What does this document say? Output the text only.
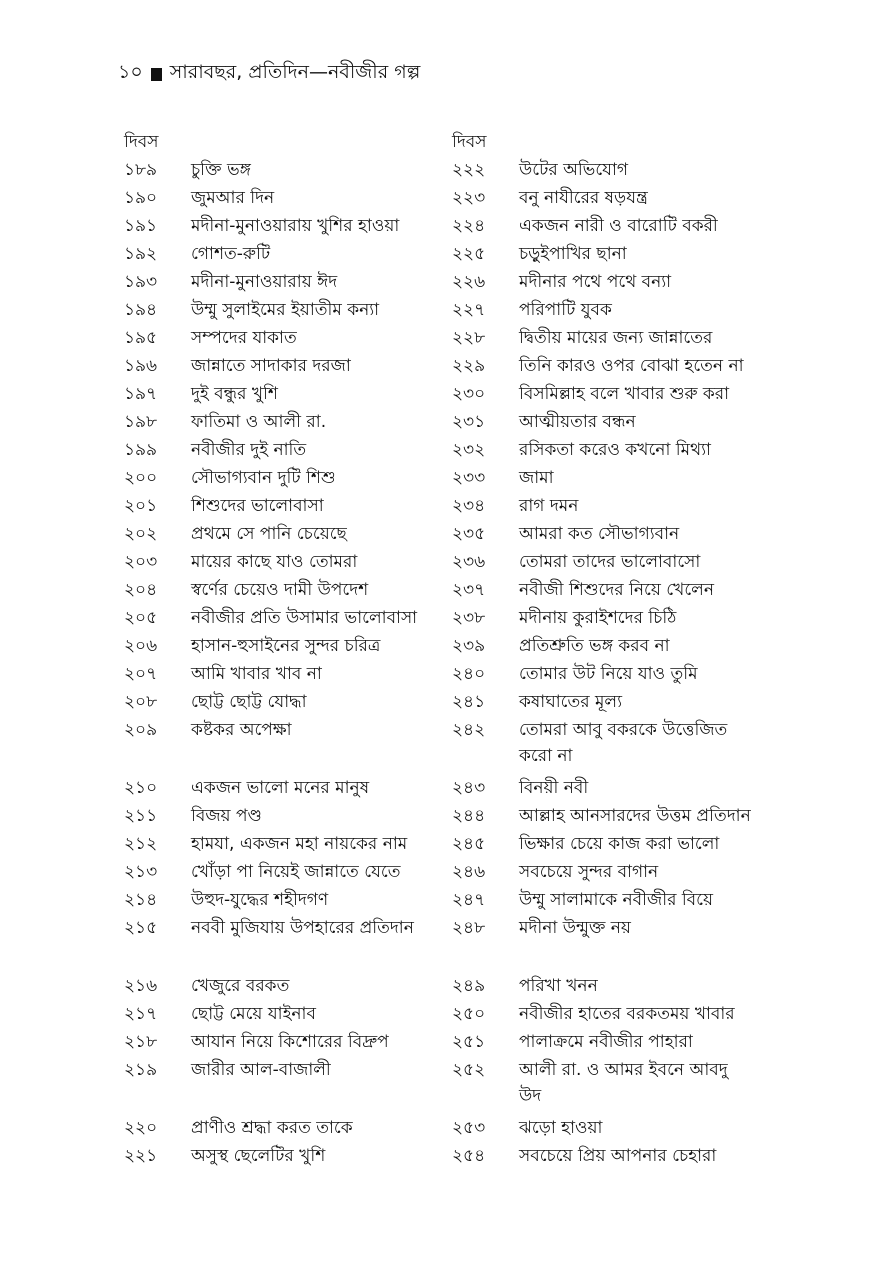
১০ সারাবছর, প্রতিদিন—নবীজীর গল্প
দিবস
১৮৯	চুক্তি ভঙ্গ
১৯০	জুমআর দিন
১৯১	মদীনা-মুনাওয়ারায় খুশির হাওয়া
১৯২	গোশত-রুটি
১৯৩	মদীনা-মুনাওয়ারায় ঈদ
১৯৪	উম্মু সুলাইমের ইয়াতীম কন্যা
১৯৫	সম্পদের যাকাত
১৯৬	জান্নাতে সাদাকার দরজা
১৯৭	দুই বন্ধুর খুশি
১৯৮	ফাতিমা ও আলী রা.
১৯৯	নবীজীর দুই নাতি
২০০	সৌভাগ্যবান দুটি শিশু
২০১	শিশুদের ভালোবাসা
২০২	প্রথমে সে পানি চেয়েছে
২০৩	মায়ের কাছে যাও তোমরা
২০৪	স্বর্ণের চেয়েও দামী উপদেশ
২০৫	নবীজীর প্রতি উসামার ভালোবাসা
২০৬	হাসান-হুসাইনের সুন্দর চরিত্র
২০৭	আমি খাবার খাব না
২০৮	ছোট্ট ছোট্ট যোদ্ধা
২০৯	কষ্টকর অপেক্ষা
২১০	একজন ভালো মনের মানুষ
২১১	বিজয় পণ্ড
২১২	হামযা, একজন মহা নায়কের নাম
২১৩	খোঁড়া পা নিয়েই জান্নাতে যেতে
২১৪	উহুদ-যুদ্ধের শহীদগণ
২১৫	নববী মুজিযায় উপহারের প্রতিদান
২১৬	খেজুরে বরকত
২১৭	ছোট্ট মেয়ে যাইনাব
২১৮	আযান নিয়ে কিশোরের বিদ্রুপ
২১৯	জারীর আল-বাজালী
২২০	প্রাণীও শ্রদ্ধা করত তাকে
২২১	অসুস্থ ছেলেটির খুশি
দিবস
২২২	উটের অভিযোগ
২২৩	বনু নাযীরের ষড়যন্ত্র
২২৪	একজন নারী ও বারোটি বকরী
২২৫	চড়ুইপাখির ছানা
২২৬	মদীনার পথে পথে বন্যা
২২৭	পরিপাটি যুবক
২২৮	দ্বিতীয় মায়ের জন্য জান্নাতের
২২৯	তিনি কারও ওপর বোঝা হতেন না
২৩০	বিসমিল্লাহ বলে খাবার শুরু করা
২৩১	আত্মীয়তার বন্ধন
২৩২	রসিকতা করেও কখনো মিথ্যা
২৩৩	জামা
২৩৪	রাগ দমন
২৩৫	আমরা কত সৌভাগ্যবান
২৩৬	তোমরা তাদের ভালোবাসো
২৩৭	নবীজী শিশুদের নিয়ে খেলেন
২৩৮	মদীনায় কুরাইশদের চিঠি
২৩৯	প্রতিশ্রুতি ভঙ্গ করব না
২৪০	তোমার উট নিয়ে যাও তুমি
২৪১	কষাঘাতের মূল্য
২৪২	তোমরা আবু বকরকে উত্তেজিত করো না
২৪৩	বিনয়ী নবী
২৪৪	আল্লাহ আনসারদের উত্তম প্রতিদান
২৪৫	ভিক্ষার চেয়ে কাজ করা ভালো
২৪৬	সবচেয়ে সুন্দর বাগান
২৪৭	উম্মু সালামাকে নবীজীর বিয়ে
২৪৮	মদীনা উন্মুক্ত নয়
২৪৯	পরিখা খনন
২৫০	নবীজীর হাতের বরকতময় খাবার
২৫১	পালাক্রমে নবীজীর পাহারা
২৫২	আলী রা. ও আমর ইবনে আবদু উদ
২৫৩	ঝড়ো হাওয়া
২৫৪	সবচেয়ে প্রিয় আপনার চেহারা
